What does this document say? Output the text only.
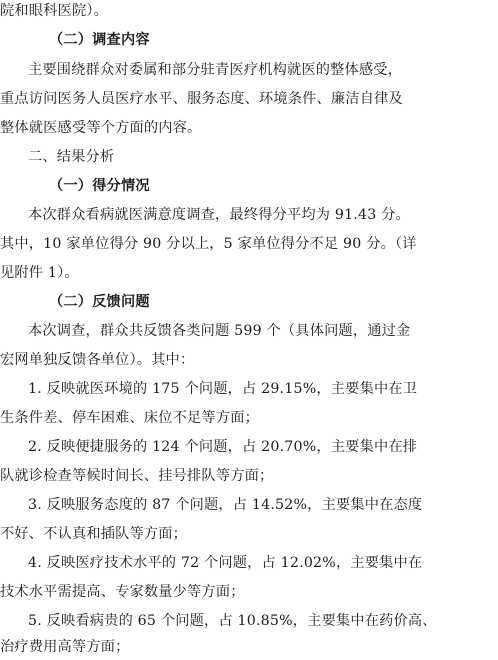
院和眼科医院）。
（二）调查内容
主要围绕群众对委属和部分驻青医疗机构就医的整体感受，
重点访问医务人员医疗水平、服务态度、环境条件、廉洁自律及
整体就医感受等个方面的内容。
二、结果分析
（一）得分情况
本次群众看病就医满意度调查，最终得分平均为 91.43 分。
其中，10 家单位得分 90 分以上，5 家单位得分不足 90 分。（详
见附件 1）。
（二）反馈问题
本次调查，群众共反馈各类问题 599 个（具体问题，通过金
宏网单独反馈各单位）。其中：
1. 反映就医环境的 175 个问题，占 29.15%，主要集中在卫
生条件差、停车困难、床位不足等方面；
2. 反映便捷服务的 124 个问题，占 20.70%，主要集中在排
队就诊检查等候时间长、挂号排队等方面；
3. 反映服务态度的 87 个问题，占 14.52%，主要集中在态度
不好、不认真和插队等方面；
4. 反映医疗技术水平的 72 个问题，占 12.02%，主要集中在
技术水平需提高、专家数量少等方面；
5. 反映看病贵的 65 个问题，占 10.85%，主要集中在药价高、
治疗费用高等方面；
